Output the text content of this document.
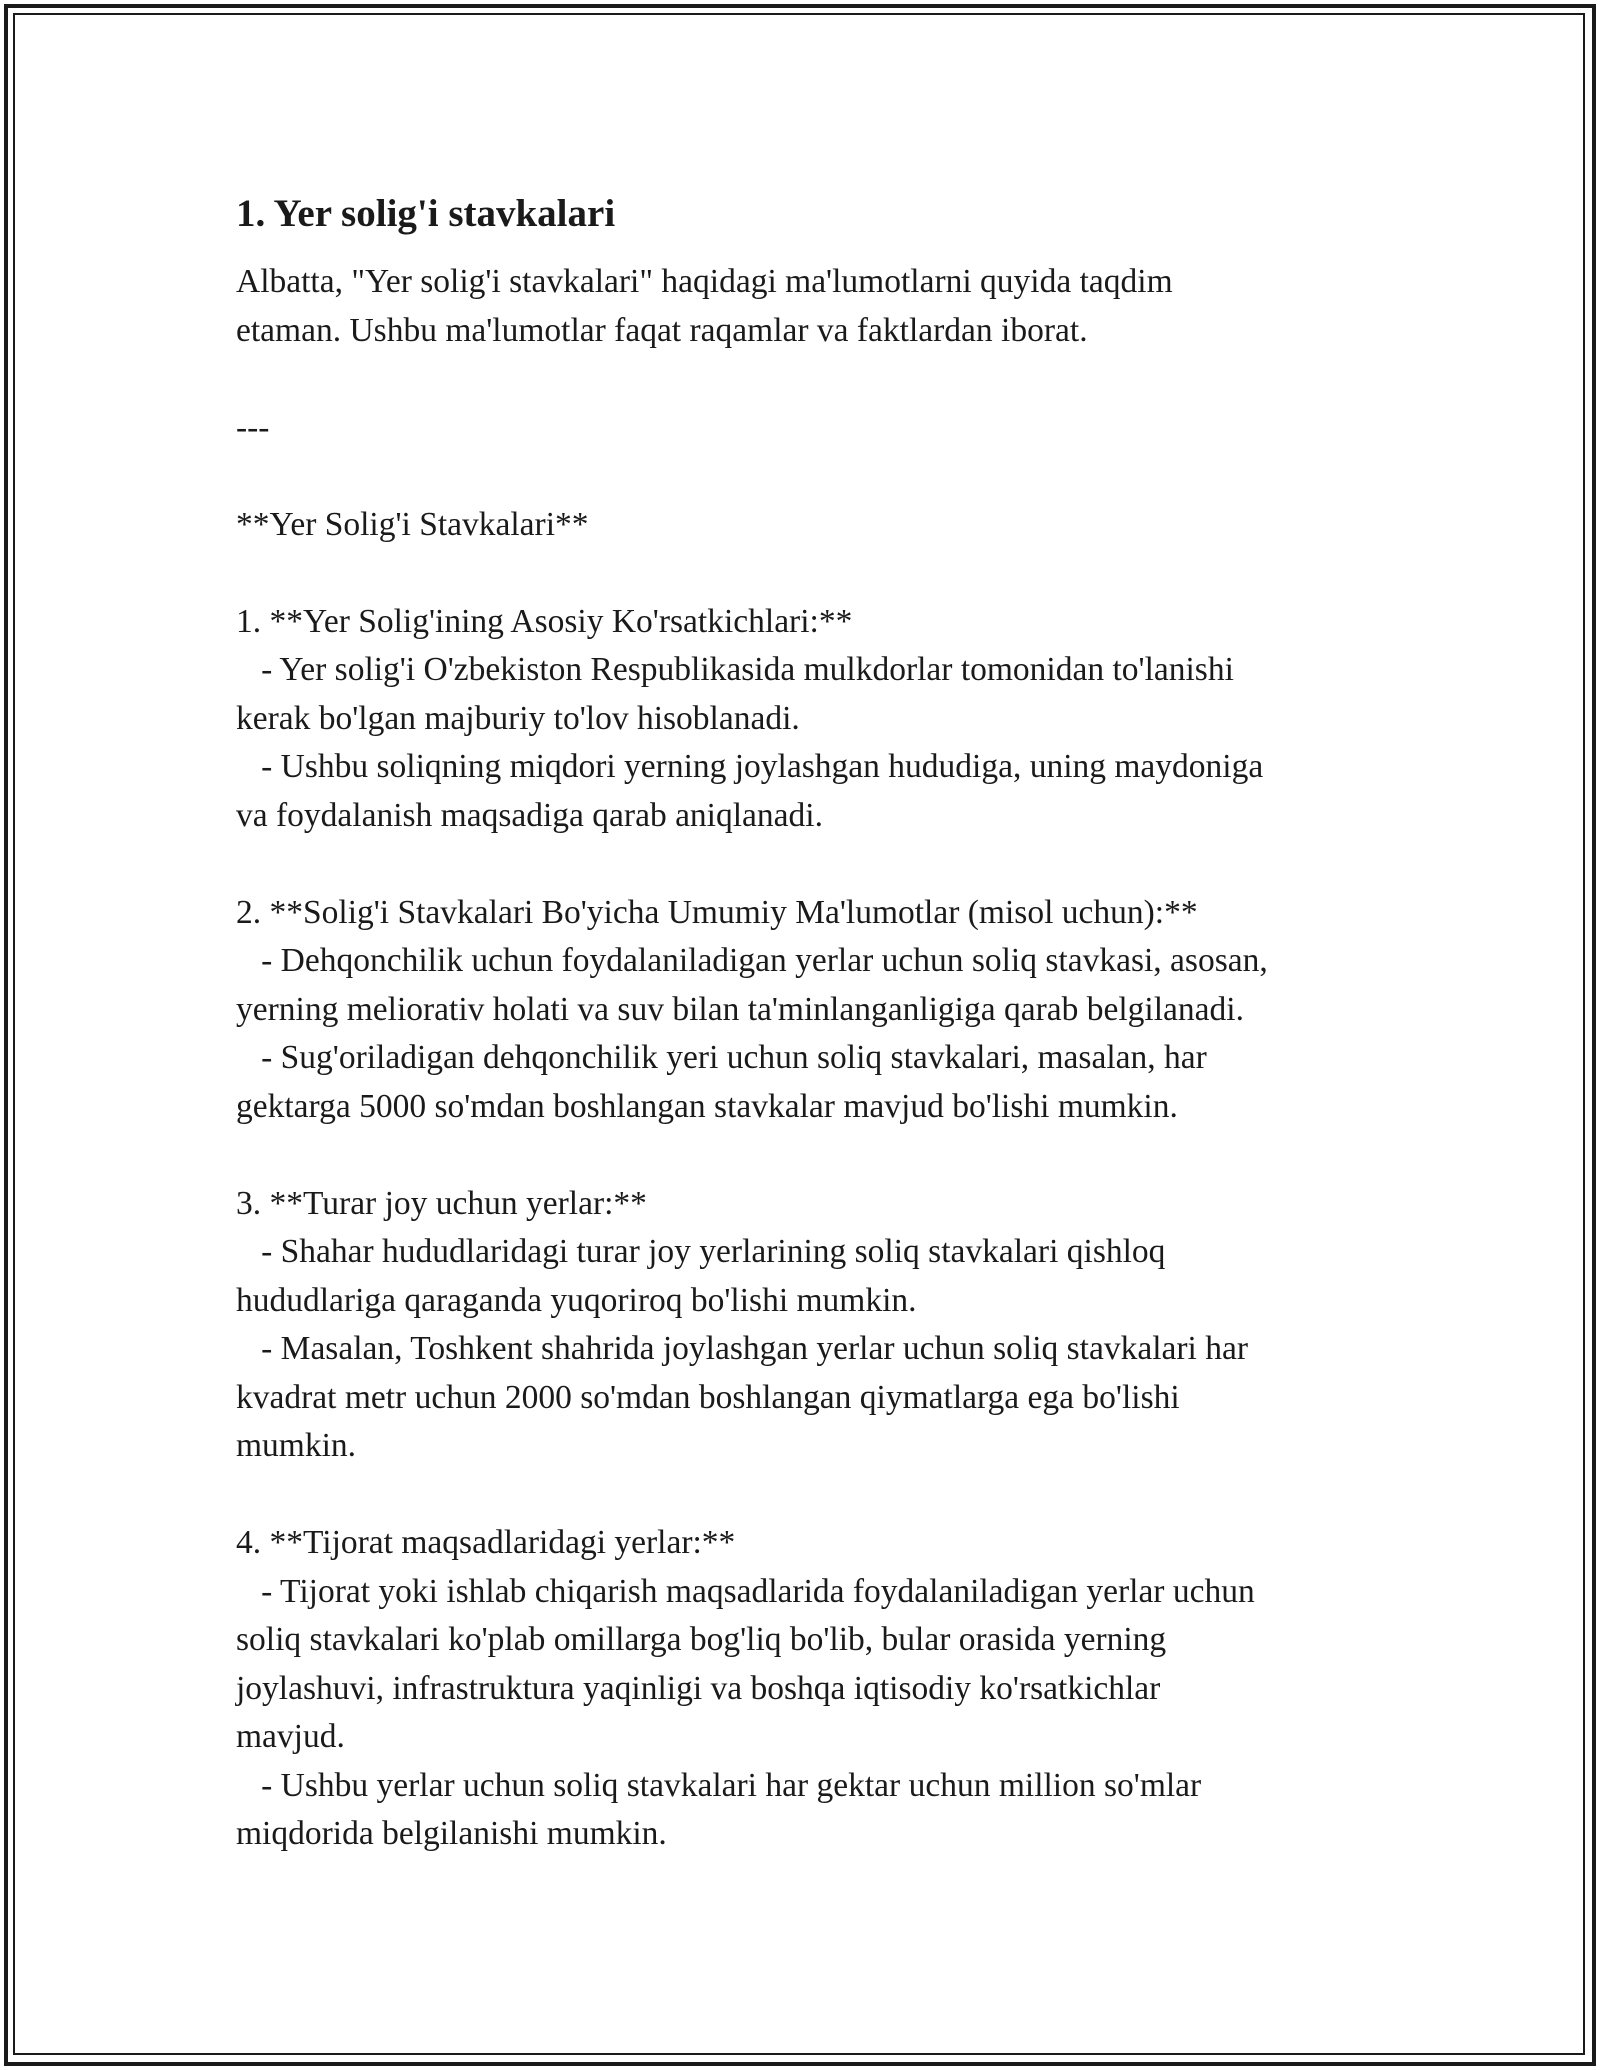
1. Yer solig'i stavkalari

Albatta, "Yer solig'i stavkalari" haqidagi ma'lumotlarni quyida taqdim

etaman. Ushbu ma'lumotlar faqat raqamlar va faktlardan iborat.

---

**Yer Solig'i Stavkalari**

1. **Yer Solig'ining Asosiy Ko'rsatkichlari:**

- Yer solig'i O'zbekiston Respublikasida mulkdorlar tomonidan to'lanishi

kerak bo'lgan majburiy to'lov hisoblanadi.

- Ushbu soliqning miqdori yerning joylashgan hududiga, uning maydoniga

va foydalanish maqsadiga qarab aniqlanadi.

2. **Solig'i Stavkalari Bo'yicha Umumiy Ma'lumotlar (misol uchun):**

- Dehqonchilik uchun foydalaniladigan yerlar uchun soliq stavkasi, asosan,

yerning meliorativ holati va suv bilan ta'minlanganligiga qarab belgilanadi.

- Sug'oriladigan dehqonchilik yeri uchun soliq stavkalari, masalan, har

gektarga 5000 so'mdan boshlangan stavkalar mavjud bo'lishi mumkin.

3. **Turar joy uchun yerlar:**

- Shahar hududlaridagi turar joy yerlarining soliq stavkalari qishloq

hududlariga qaraganda yuqoriroq bo'lishi mumkin.

- Masalan, Toshkent shahrida joylashgan yerlar uchun soliq stavkalari har

kvadrat metr uchun 2000 so'mdan boshlangan qiymatlarga ega bo'lishi

mumkin.

4. **Tijorat maqsadlaridagi yerlar:**

- Tijorat yoki ishlab chiqarish maqsadlarida foydalaniladigan yerlar uchun

soliq stavkalari ko'plab omillarga bog'liq bo'lib, bular orasida yerning

joylashuvi, infrastruktura yaqinligi va boshqa iqtisodiy ko'rsatkichlar

mavjud.

- Ushbu yerlar uchun soliq stavkalari har gektar uchun million so'mlar

miqdorida belgilanishi mumkin.
